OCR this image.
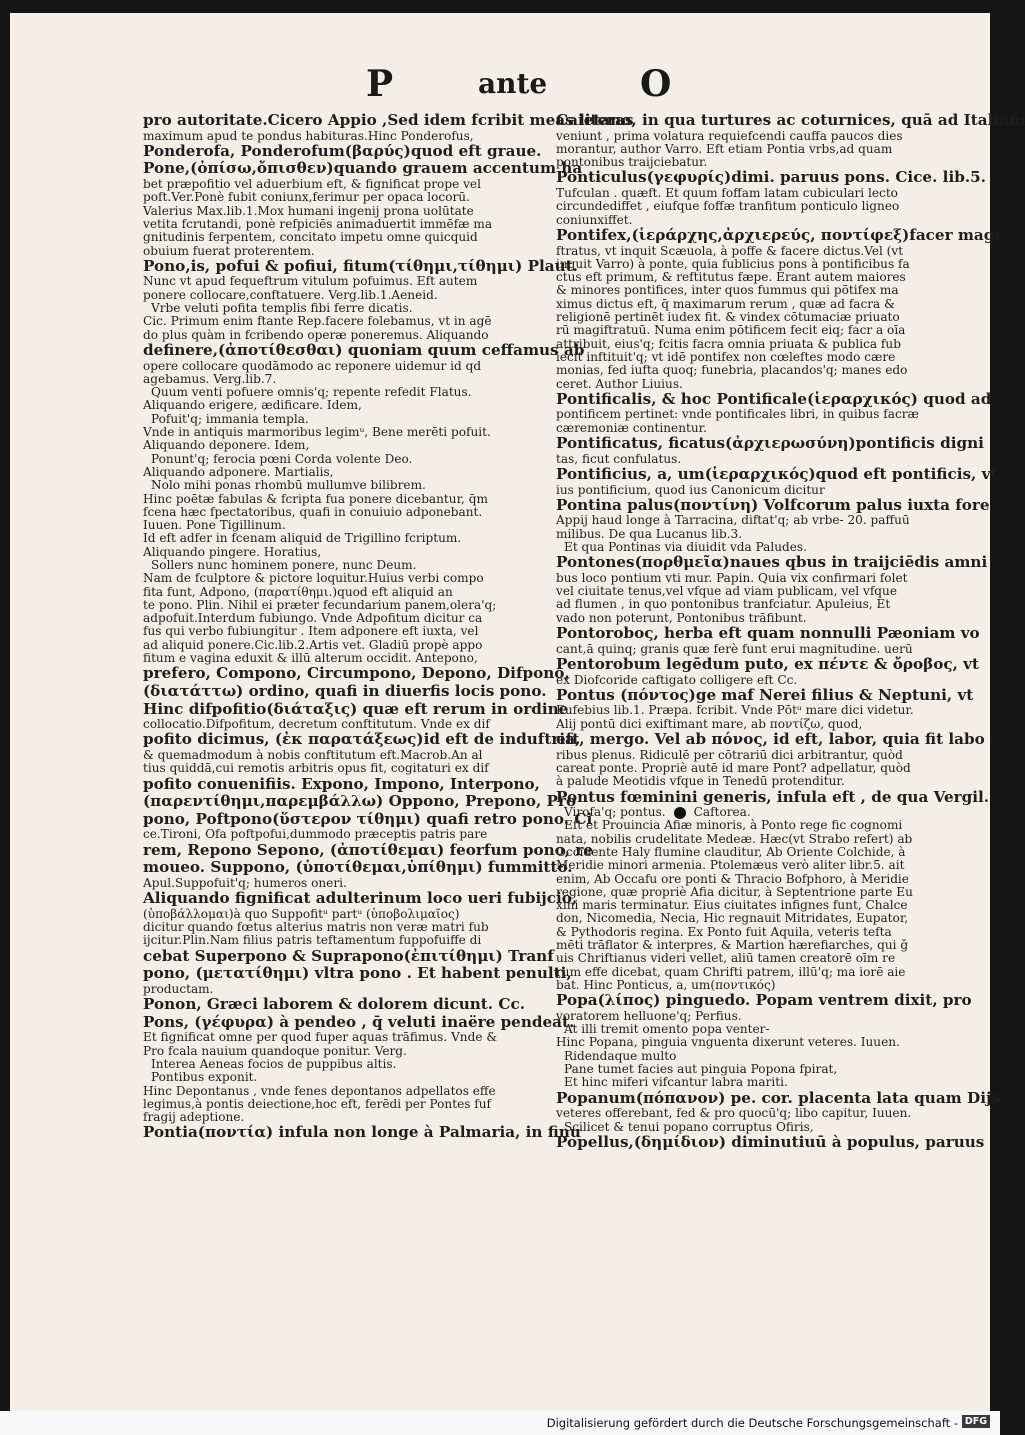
P	ante	O
pro autoritate.Cicero Appio ,Sed idem fcribit meas literas
maximum apud te pondus habituras.Hinc Ponderofus,
Ponderofa, Ponderofum(βαρύς)quod eft graue.
Pone,(ὀπίσω,ὄπισθεν)quando grauem accentum ha
bet præpofitio vel aduerbium eft, & fignificat prope vel
poft.Ver.Ponè fubit coniunx,ferimur per opaca locorū.
Valerius Max.lib.1.Mox humani ingenij prona uolūtate
vetita fcrutandi, ponè refpiciēs animaduertit immēfæ ma
gnitudinis ferpentem, concitato impetu omne quicquid
obuium fuerat proterentem.
Pono,is, pofui & pofiui, fitum(τίθημι,τίθημι) Plaut.
Nunc vt apud fequeftrum vitulum pofuimus. Eft autem
ponere collocare,conftatuere. Verg.lib.1.Aeneid.
Vrbe veluti pofita templis fibi ferre dicatis.
Cic. Primum enim ftante Rep.facere folebamus, vt in agē
do plus quàm in fcribendo operæ poneremus. Aliquando
definere,(ἀποτίθεσθαι) quoniam quum ceffamus ab
opere collocare quodāmodo ac reponere uidemur id qd
agebamus. Verg.lib.7.
Quum venti pofuere omnis'q; repente refedit Flatus.
Aliquando erigere, ædificare. Idem,
Pofuit'q; immania templa.
Vnde in antiquis marmoribus legimᵘ, Bene merēti pofuit.
Aliquando deponere. Idem,
Ponunt'q; ferocia pœni Corda volente Deo.
Aliquando adponere. Martialis,
Nolo mihi ponas rhombū mullumve bilibrem.
Hinc poētæ fabulas & fcripta fua ponere dicebantur, q̄m
fcena hæc fpectatoribus, quafi in conuiuio adponebant.
Iuuen. Pone Tigillinum.
Id eft adfer in fcenam aliquid de Trigillino fcriptum.
Aliquando pingere. Horatius,
Sollers nunc hominem ponere, nunc Deum.
Nam de fculptore & pictore loquitur.Huius verbi compo
fita funt, Adpono, (παρατίθημι.)quod eft aliquid an
te pono. Plin. Nihil ei præter fecundarium panem,olera'q;
adpofuit.Interdum fubiungo. Vnde Adpofitum dicitur ca
fus qui verbo fubiungitur . Item adponere eft iuxta, vel
ad aliquid ponere.Cic.lib.2.Artis vet. Gladiū propè appo
fitum e vagina eduxit & illū alterum occidit. Antepono,
prefero, Compono, Circumpono, Depono, Difpono,
(διατάττω) ordino, quafi in diuerfis locis pono.
Hinc difpofitio(διάταξις) quæ eft rerum in ordine
collocatio.Difpofitum, decretum conftitutum. Vnde ex dif
pofito dicimus, (ἐκ παρατάξεως)id eft de induftria,
& quemadmodum à nobis conftitutum eft.Macrob.An al
tius quiddā,cui remotis arbitris opus fit, cogitaturi ex dif
pofito conuenifiis. Expono, Impono, Interpono,
(παρεντίθημι,παρεμβάλλω) Oppono, Prepono, Pro
pono, Poftpono(ὕστερον τίθημι) quafi retro pono. Ci
ce.Tironi, Ofa poftpofui,dummodo præceptis patris pare
rem, Repono Sepono, (ἀποτίθεμαι) feorfum pono, re
moueo. Suppono, (ὑποτίθεμαι,ὑπίθημι) fummitto.
Apul.Suppofuit'q; humeros oneri.
Aliquando fignificat adulterinum loco ueri fubijcio,
(ὑποβάλλομαι)à quo Suppofitᵘ partᵘ (ὑποβολιμαῖος)
dicitur quando fœtus alterius matris non veræ matri fub
ijcitur.Plin.Nam filius patris teftamentum fuppofuiffe di
cebat Superpono & Suprapono(ἐπιτίθημι) Tranf
pono, (μετατίθημι) vltra pono . Et habent penulti,
productam.
Ponon, Græci laborem & dolorem dicunt. Cc.
Pons, (γέφυρα) à pendeo , q̄ veluti inaëre pendeat.
Et fignificat omne per quod fuper aquas trāfimus. Vnde &
Pro fcala nauium quandoque ponitur. Verg.
Interea Aeneas focios de puppibus altis.
Pontibus exponit.
Hinc Depontanus , vnde fenes depontanos adpellatos effe
legimus,à pontis deiectione,hoc eft, ferēdi per Pontes fuf
fragij adeptione.
Pontia(ποντία) infula non longe à Palmaria, in finu
Caietano, in qua turtures ac coturnices, quā ad Italiam
veniunt , prima volatura requiefcendi cauffa paucos dies
morantur, author Varro. Eft etiam Pontia vrbs,ad quam
pontonibus traijciebatur.
Ponticulus(γεφυρίς)dimi. paruus pons. Cice. lib.5.
Tufculan . quæft. Et quum foffam latam cubiculari lecto
circundediffet , eiufque foffæ tranfitum ponticulo ligneo
coniunxiffet.
Pontifex,(ἱεράρχης,ἀρχιερεύς, ποντίφεξ)facer magi
ftratus, vt inquit Scæuola, à poffe & facere dictus.Vel (vt
inquit Varro) à ponte, quia fublicius pons à pontificibus fa
ctus eft primum, & reftitutus fæpe. Erant autem maiores
& minores pontifices, inter quos fummus qui pōtifex ma
ximus dictus eft, q̄ maximarum rerum , quæ ad facra &
religionē pertinēt iudex fit. & vindex cōtumaciæ priuato
rū magiftratuū. Numa enim pōtificem fecit eiq; facr a oīa
attribuit, eius'q; fcitis facra omnia priuata & publica fub
iecit inftituit'q; vt idē pontifex non cœleftes modo cære
monias, fed iufta quoq; funebria, placandos'q; manes edo
ceret. Author Liuius.
Pontificalis, & hoc Pontificale(ἱεραρχικός) quod ad
pontificem pertinet: vnde pontificales libri, in quibus facræ
cæremoniæ continentur.
Pontificatus, ficatus(ἀρχιερωσύνη)pontificis digni
tas, ficut confulatus.
Pontificius, a, um(ἱεραρχικός)quod eft pontificis, vt
ius pontificium, quod ius Canonicum dicitur
Pontina palus(ποντίνη) Volfcorum palus iuxta fore
Appij haud longe à Tarracina, diftat'q; ab vrbe- 20. paffuū
milibus. De qua Lucanus lib.3.
Et qua Pontinas via diuidit vda Paludes.
Pontones(πορθμεῖα)naues qbus in traijciēdis amni
bus loco pontium vti mur. Papin. Quia vix confirmari folet
vel ciuitate tenus,vel vfque ad viam publicam, vel vfque
ad flumen , in quo pontonibus tranfciatur. Apuleius, Et
vado non poterunt, Pontonibus trāfibunt.
Pontoroboς, herba eft quam nonnulli Pæoniam vo
cant,ā quinq; granis quæ ferè funt erui magnitudine. uerū
Pentorobum legēdum puto, ex πέντε & ὄροβος, vt
ex Diofcoride caftigato colligere eft Cc.
Pontus (πόντος)ge maf Nerei filius & Neptuni, vt
Eufebius lib.1. Præpa. fcribit. Vnde Pōtᵘ mare dici videtur.
Alij pontū dici exiftimant mare, ab ποντίζω, quod,
eft, mergo. Vel ab πόνος, id eft, labor, quia fit labo
ribus plenus. Ridiculē per cōtrariū dici arbitrantur, quòd
careat ponte. Propriè autē id mare Pont? adpellatur, quòd
à palude Meotidis vfque in Tenedū protenditur.
Pontus fœminini generis, infula eft , de qua Vergil.
Virofa'q; pontus. Caftorea.
Eft et Prouincia Afiæ minoris, à Ponto rege fic cognomi
nata, nobilis crudelitate Medeæ. Hæc(vt Strabo refert) ab
Occidente Haly flumine clauditur, Ab Oriente Colchide, à
Meridie minori armenia. Ptolemæus verò aliter libr.5. ait
enim, Ab Occafu ore ponti & Thracio Bofphoro, à Meridie
regione, quæ propriè Afia dicitur, à Septentrione parte Eu
xini maris terminatur. Eius ciuitates infignes funt, Chalce
don, Nicomedia, Necia, Hic regnauit Mitridates, Eupator,
& Pythodoris regina. Ex Ponto fuit Aquila, veteris tefta
mēti trāflator & interpres, & Martion hærefiarches, qui ǧ
uis Chriftianus videri vellet, aliū tamen creatorē oīm re
rum effe dicebat, quam Chrifti patrem, illū'q; ma iorē aie
bat. Hinc Ponticus, a, um(ποντικός)
Popa(λίπος) pinguedo. Popam ventrem dixit, pro
voratorem helluone'q; Perfius.
At illi tremit omento popa venter-
Hinc Popana, pinguia vnguenta dixerunt veteres. Iuuen.
Ridendaque multo
Pane tumet facies aut pinguia Popona fpirat,
Et hinc miferi vifcantur labra mariti.
Popanum(πόπανον) pe. cor. placenta lata quam Dijs
veteres offerebant, fed & pro quocū'q; libo capitur, Iuuen.
Scilicet & tenui popano corruptus Ofiris,
Popellus,(δημίδιον) diminutiuū à populus, paruus
Digitalisierung gefördert durch die Deutsche Forschungsgemeinschaft - DFG
